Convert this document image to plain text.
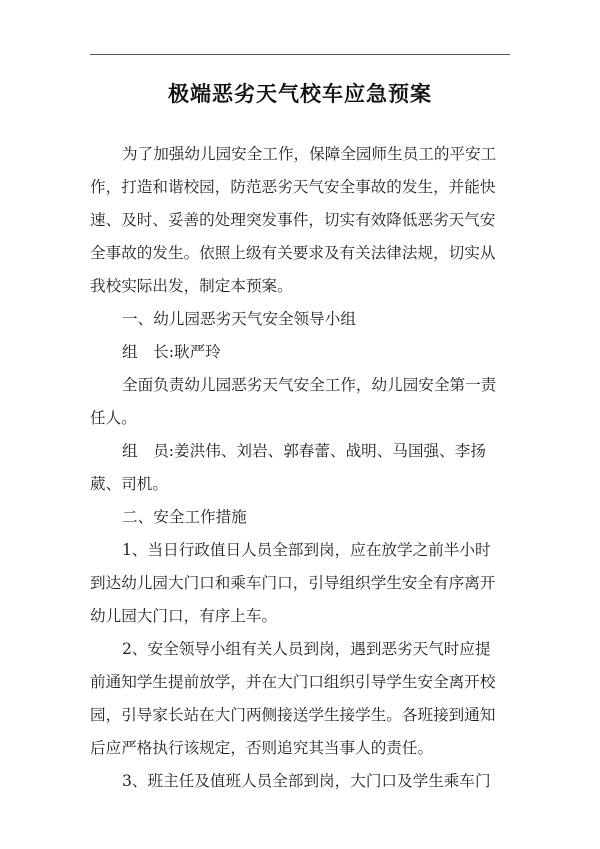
极端恶劣天气校车应急预案
为了加强幼儿园安全工作，保障全园师生员工的平安工
作，打造和谐校园，防范恶劣天气安全事故的发生，并能快
速、及时、妥善的处理突发事件，切实有效降低恶劣天气安
全事故的发生。依照上级有关要求及有关法律法规，切实从
我校实际出发，制定本预案。
一、幼儿园恶劣天气安全领导小组
组　长:耿严玲
全面负责幼儿园恶劣天气安全工作，幼儿园安全第一责
任人。
组　员:姜洪伟、刘岩、郭春蕾、战明、马国强、李扬
葳、司机。
二、安全工作措施
1、当日行政值日人员全部到岗，应在放学之前半小时
到达幼儿园大门口和乘车门口，引导组织学生安全有序离开
幼儿园大门口，有序上车。
2、安全领导小组有关人员到岗，遇到恶劣天气时应提
前通知学生提前放学，并在大门口组织引导学生安全离开校
园，引导家长站在大门两侧接送学生接学生。各班接到通知
后应严格执行该规定，否则追究其当事人的责任。
3、班主任及值班人员全部到岗，大门口及学生乘车门
